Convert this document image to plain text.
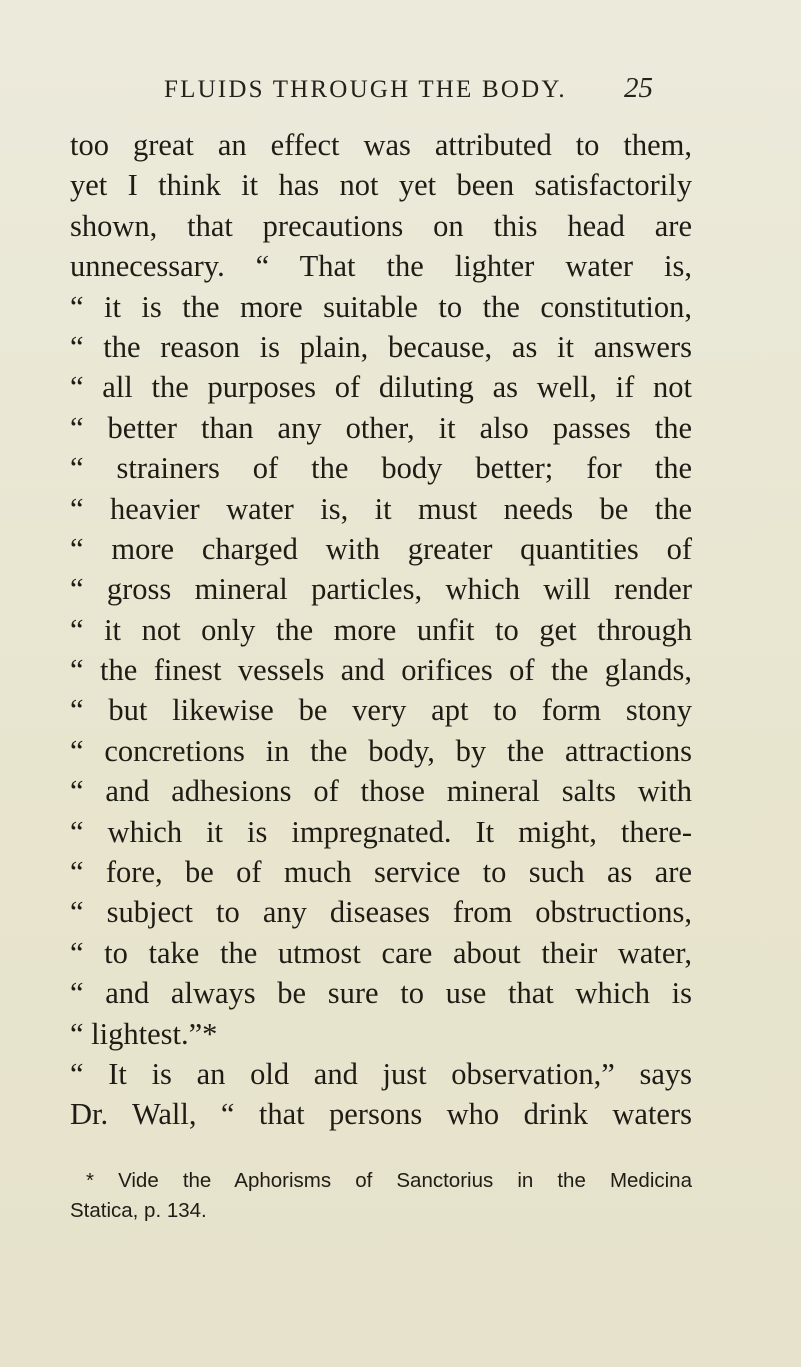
FLUIDS THROUGH THE BODY. 25
too great an effect was attributed to them,
yet I think it has not yet been satisfactorily
shown, that precautions on this head are
unnecessary. “ That the lighter water is,
“ it is the more suitable to the constitution,
“ the reason is plain, because, as it answers
“ all the purposes of diluting as well, if not
“ better than any other, it also passes the
“ strainers of the body better; for the
“ heavier water is, it must needs be the
“ more charged with greater quantities of
“ gross mineral particles, which will render
“ it not only the more unfit to get through
“ the finest vessels and orifices of the glands,
“ but likewise be very apt to form stony
“ concretions in the body, by the attractions
“ and adhesions of those mineral salts with
“ which it is impregnated. It might, there-
“ fore, be of much service to such as are
“ subject to any diseases from obstructions,
“ to take the utmost care about their water,
“ and always be sure to use that which is
“ lightest.”*
“ It is an old and just observation,” says
Dr. Wall, “ that persons who drink waters
* Vide the Aphorisms of Sanctorius in the Medicina
Statica, p. 134.
